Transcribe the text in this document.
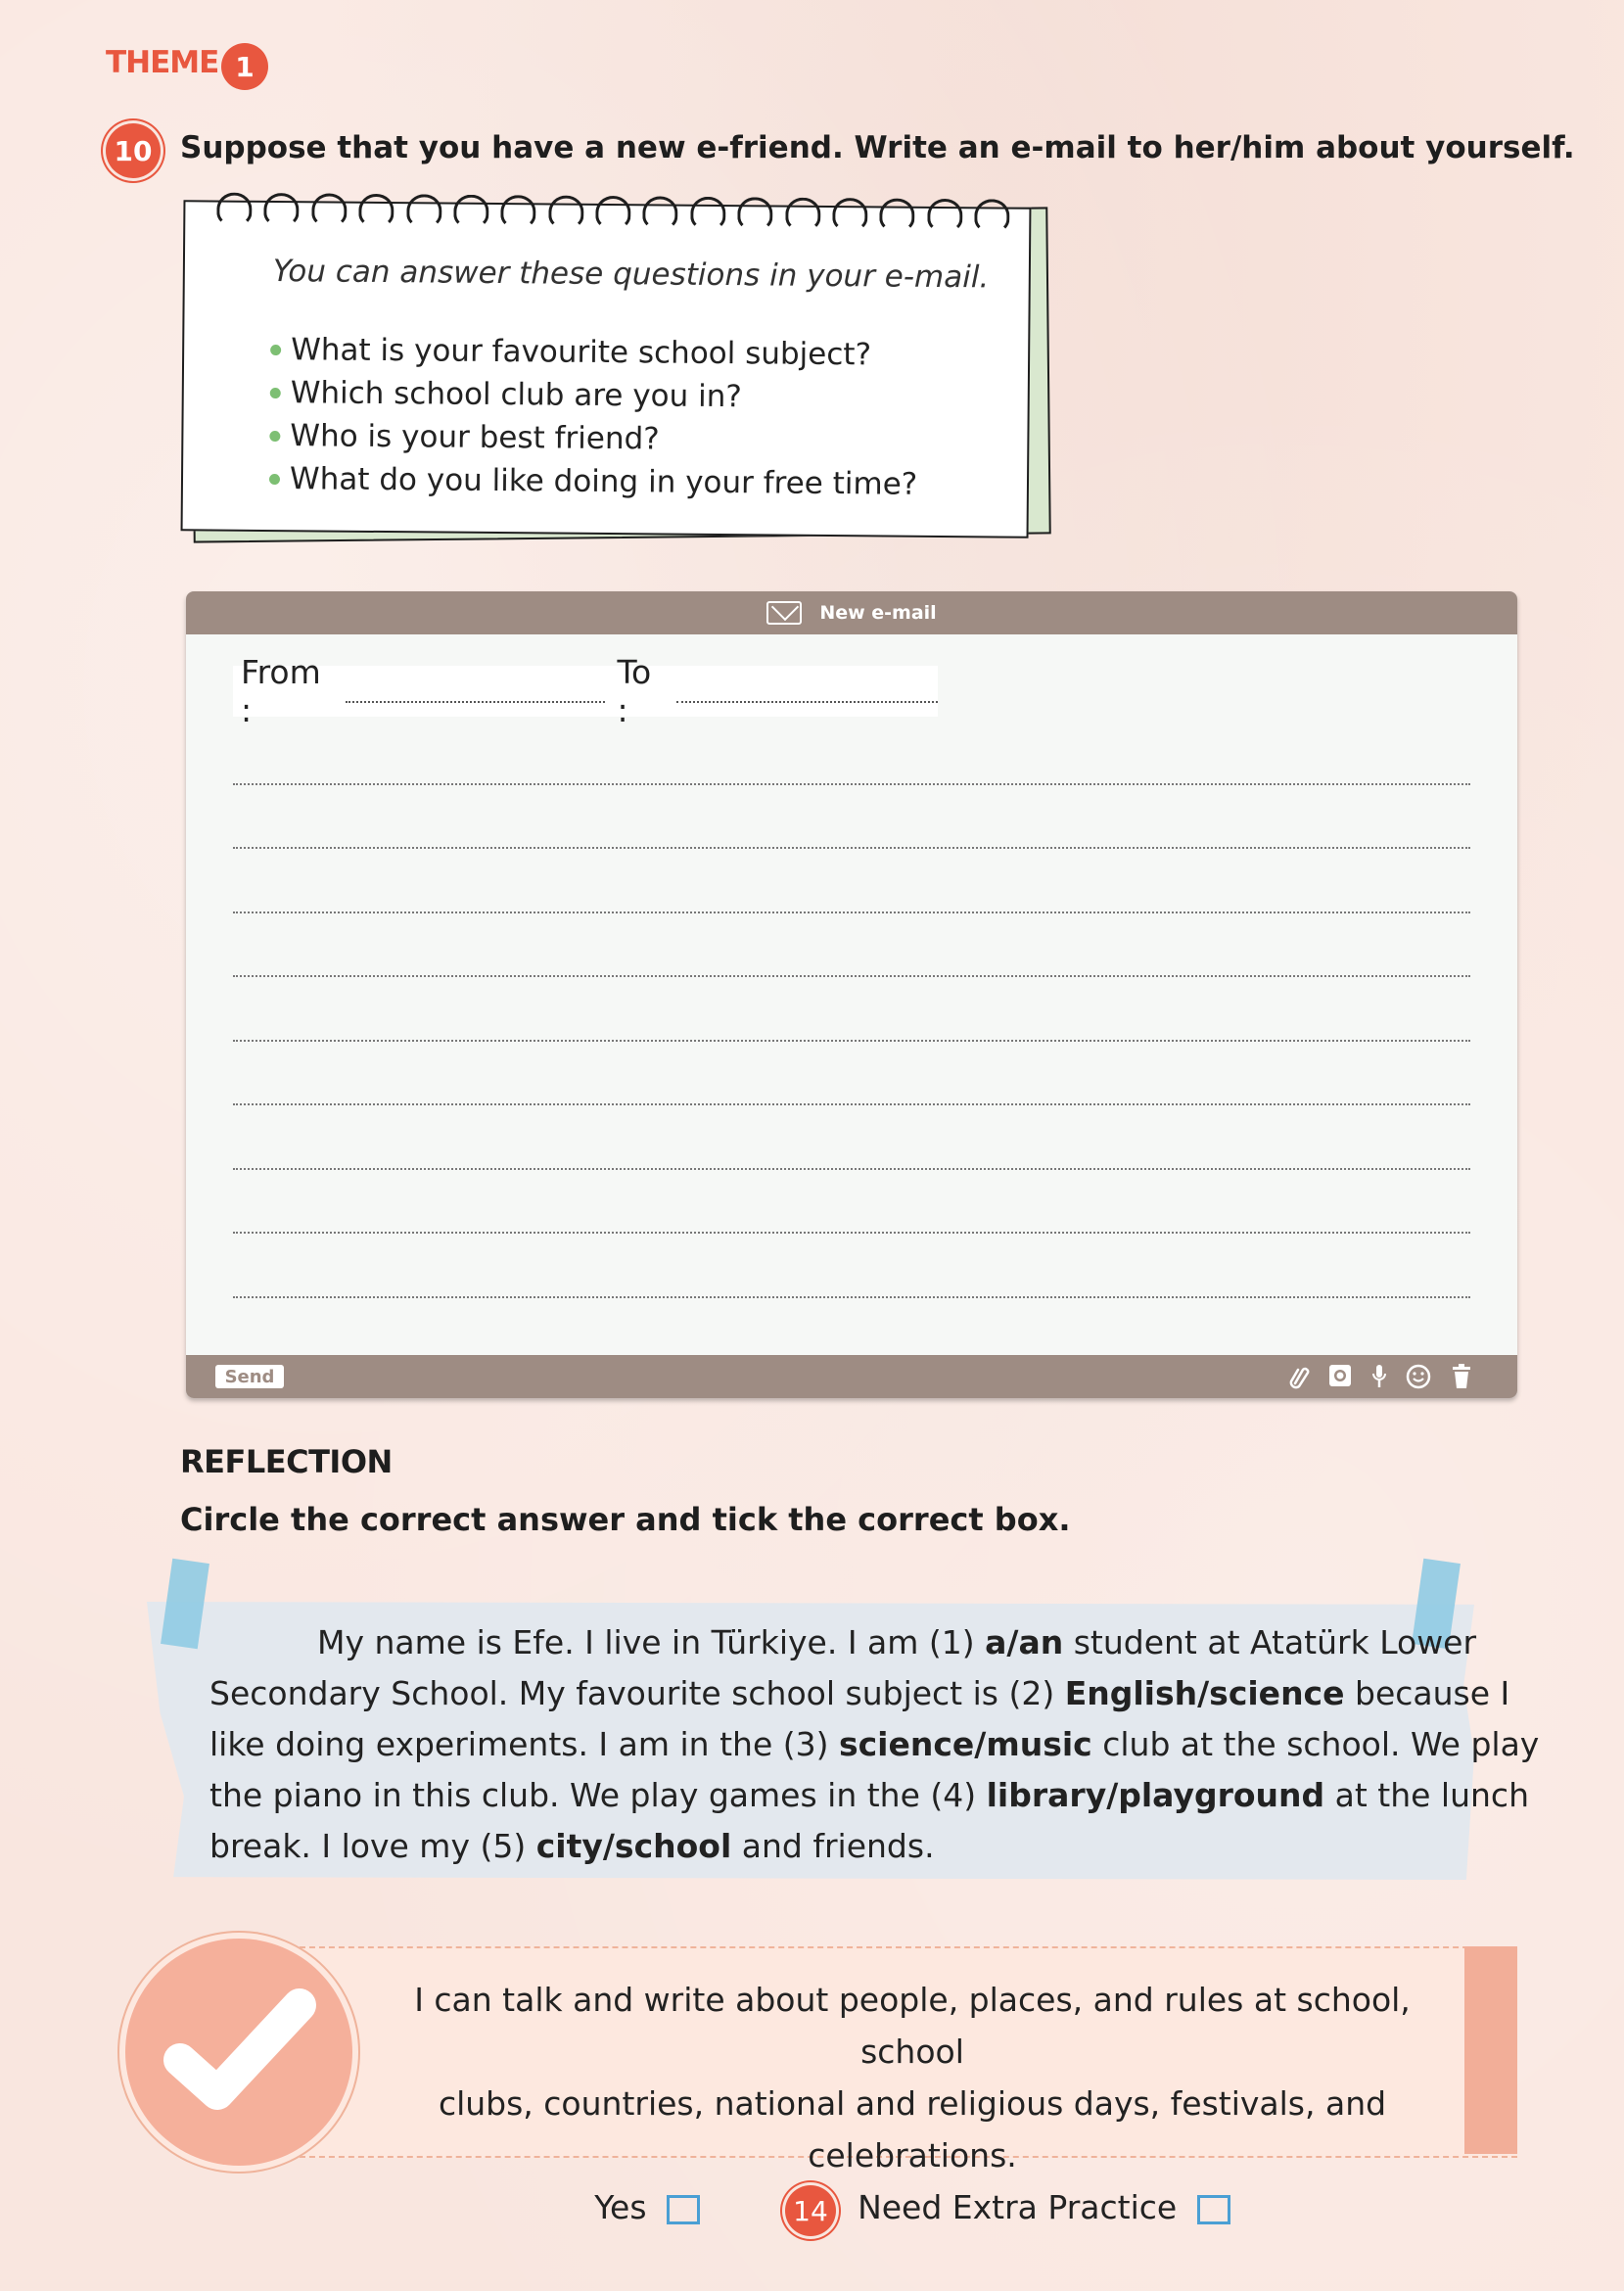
THEME 1
10 Suppose that you have a new e-friend. Write an e-mail to her/him about yourself.
You can answer these questions in your e-mail.
What is your favourite school subject?
Which school club are you in?
Who is your best friend?
What do you like doing in your free time?
New e-mail
From :
To :
Send
REFLECTION
Circle the correct answer and tick the correct box.
My name is Efe. I live in Türkiye. I am (1) a/an student at Atatürk Lower
Secondary School. My favourite school subject is (2) English/science because I
like doing experiments. I am in the (3) science/music club at the school. We play
the piano in this club. We play games in the (4) library/playground at the lunch
break. I love my (5) city/school and friends.
I can talk and write about people, places, and rules at school, school
clubs, countries, national and religious days, festivals, and celebrations.
Yes	Need Extra Practice
14
